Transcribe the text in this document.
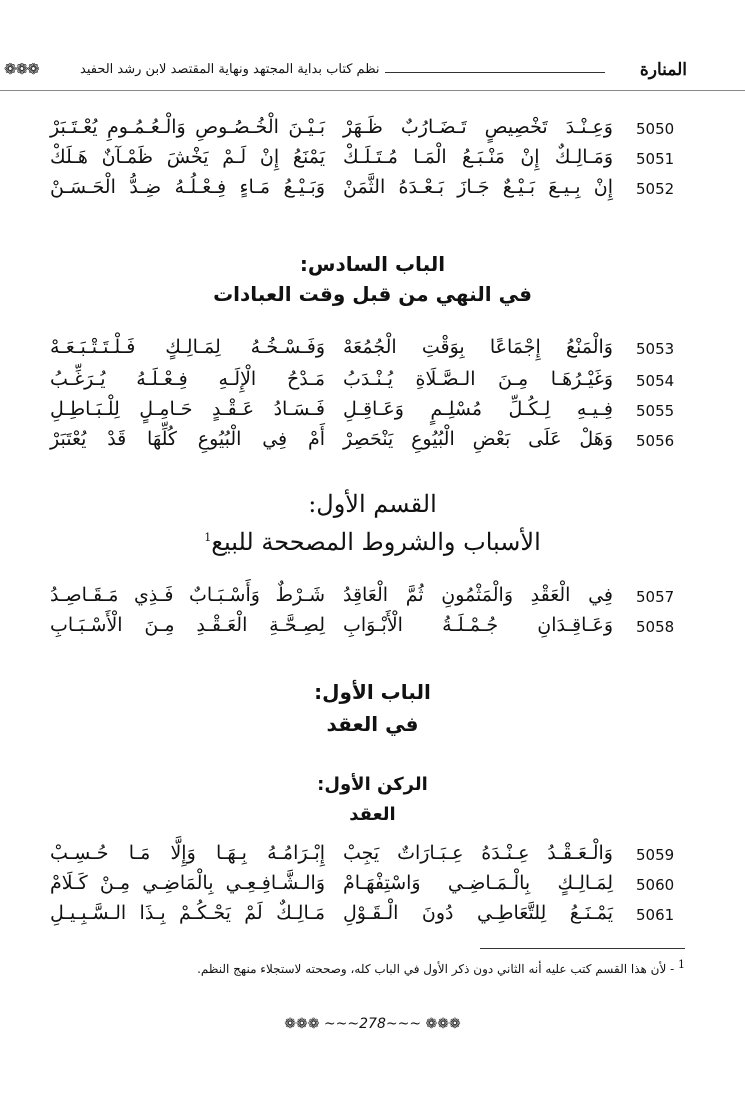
المنارة
نظم كتاب بداية المجتهد ونهاية المقتصد لابن رشد الحفيد
❁❁❁
5050
وَعِـنْـدَ تَخْصِيصٍ تَـضَـارُبٌ ظَـهَرْ
بَـيْـنَ الْخُـصُـوصِ وَالْـعُـمُـومِ يُعْـتَـبَرْ
5051
وَمَـالِـكٌ إِنْ مَنْـبَـعُ الْمَـا مُـتَـلَـكْ
يَمْنَعُ إِنْ لَـمْ يَخْشَ ظَمْـآنٌ هَـلَكْ
5052
إِنْ بِـيـعَ بَـيْـعٌ جَـازَ بَـعْـدَهُ الثَّمَنْ
وَبَـيْـعُ مَـاءٍ فِـعْـلُـهُ ضِـدُّ الْحَـسَـنْ
الباب السادس:
في النهي من قبل وقت العبادات
5053
وَالْمَنْعُ إِجْمَاعًا بِوَقْتِ الْجُمُعَهْ
وَفَـسْـخُـهُ لِمَـالِـكٍ فَـلْـتَـتْـبَـعَـهْ
5054
وَغَيْـرُهَـا مِـنَ الـصَّـلَاةِ يُـنْـدَبُ
مَـدْحُ الْإِلَـهِ فِـعْـلَـهُ يُـرَغِّـبُ
5055
فِـيـهِ لِـكُـلِّ مُسْلِـمٍ وَعَـاقِـلِ
فَـسَـادُ عَـقْـدٍ حَـامِـلٍ لِلْـبَـاطِـلِ
5056
وَهَلْ عَلَى بَعْضِ الْبُيُوعِ يَنْحَصِرْ
أَمْ فِي الْبُيُوعِ كُلِّهَا قَدْ يُعْتَبَرْ
القسم الأول:
الأسباب والشروط المصححة للبيع$^1$
5057
فِي الْعَقْدِ وَالْمَثْمُونِ ثُمَّ الْعَاقِدُ
شَـرْطٌ وَأَسْـبَـابٌ فَـذِي مَـقَـاصِـدُ
5058
وَعَـاقِـدَانِ جُـمْـلَـةُ الْأَبْـوَابِ
لِصِـحَّـةِ الْعَـقْـدِ مِـنَ الْأَسْـبَـابِ
الباب الأول:
في العقد
الركن الأول:
العقد
5059
وَالْـعَـقْـدُ عِـنْـدَهُ عِـبَـارَاتٌ يَجِبْ
إِبْـرَامُـهُ بِـهَـا وَإِلَّا مَـا حُـسِـبْ
5060
لِمَـالِـكٍ بِالْـمَـاضِـي وَاسْتِفْهَـامْ
وَالـشَّـافِـعِـي بِالْمَاضِـي مِـنْ كَـلَامْ
5061
يَمْـنَـعُ لِلتَّعَاطِـي دُونَ الْـقَـوْلِ
مَـالِـكٌ لَمْ يَحْـكُـمْ بِـذَا الـسَّـبِـيـلِ
$^1$ - لأن هذا القسم كتب عليه أنه الثاني دون ذكر الأول في الباب كله، وصححته لاستجلاء منهج النظم.
❁❁❁ ~~~278~~~ ❁❁❁
